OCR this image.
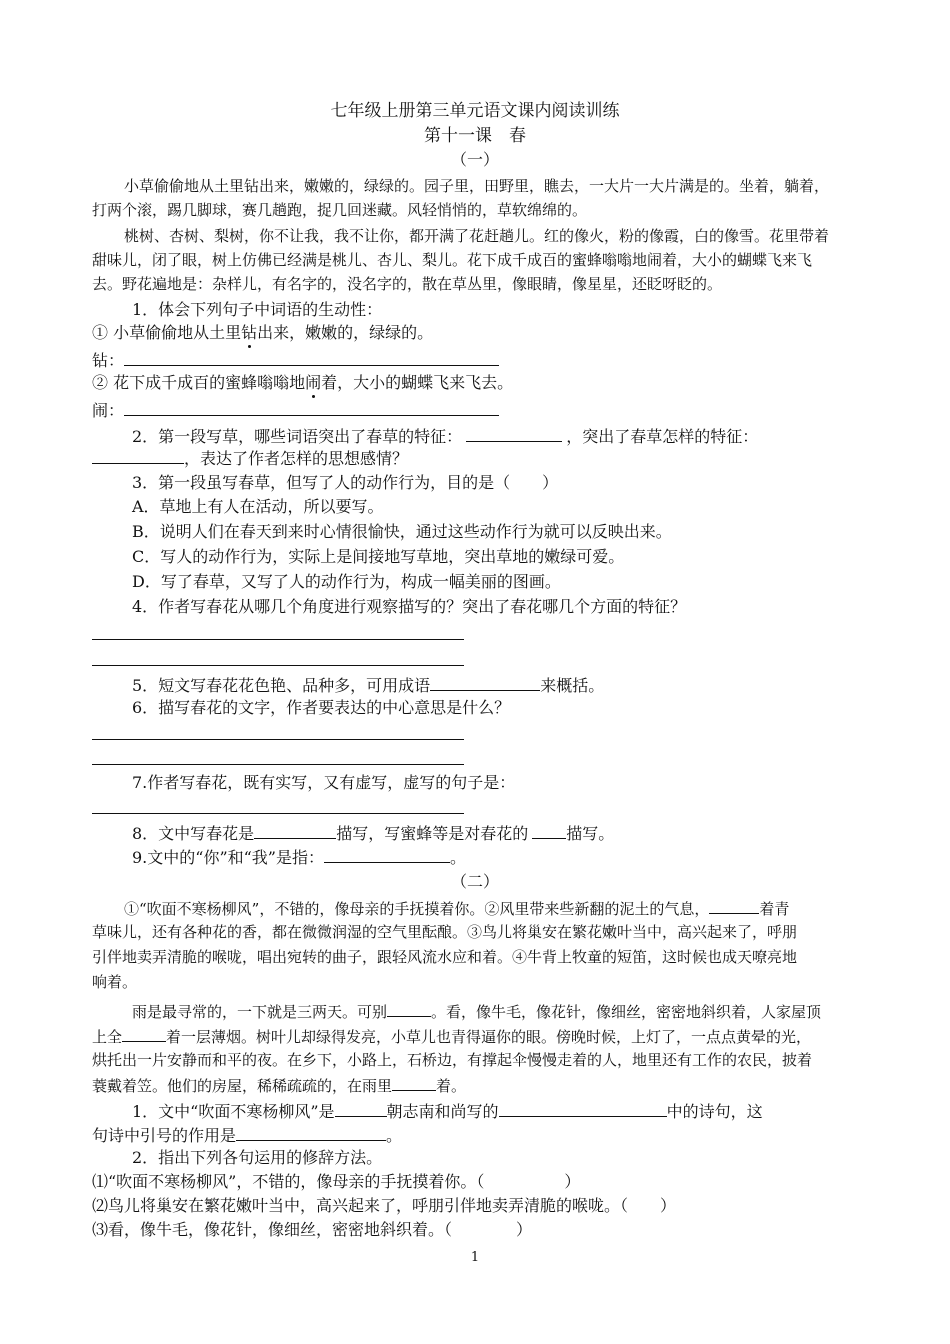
七年级上册第三单元语文课内阅读训练
第十一课　春
（一）
小草偷偷地从土里钻出来，嫩嫩的，绿绿的。园子里，田野里，瞧去，一大片一大片满是的。坐着，躺着，
打两个滚，踢几脚球，赛几趟跑，捉几回迷藏。风轻悄悄的，草软绵绵的。
桃树、杏树、梨树，你不让我，我不让你，都开满了花赶趟儿。红的像火，粉的像霞，白的像雪。花里带着
甜味儿，闭了眼，树上仿佛已经满是桃儿、杏儿、梨儿。花下成千成百的蜜蜂嗡嗡地闹着，大小的蝴蝶飞来飞
去。野花遍地是：杂样儿，有名字的，没名字的，散在草丛里，像眼睛，像星星，还眨呀眨的。
1．体会下列句子中词语的生动性：
① 小草偷偷地从土里钻出来，嫩嫩的，绿绿的。
钻：
② 花下成千成百的蜜蜂嗡嗡地闹着，大小的蝴蝶飞来飞去。
闹：
2．第一段写草，哪些词语突出了春草的特征：	，突出了春草怎样的特征：
，表达了作者怎样的思想感情？
3．第一段虽写春草，但写了人的动作行为，目的是（　　）
A．草地上有人在活动，所以要写。
B．说明人们在春天到来时心情很愉快，通过这些动作行为就可以反映出来。
C．写人的动作行为，实际上是间接地写草地，突出草地的嫩绿可爱。
D．写了春草，又写了人的动作行为，构成一幅美丽的图画。
4．作者写春花从哪几个角度进行观察描写的？突出了春花哪几个方面的特征？
5．短文写春花花色艳、品种多，可用成语	来概括。
6．描写春花的文字，作者要表达的中心意思是什么？
7.作者写春花，既有实写，又有虚写，虚写的句子是：
8．文中写春花是	描写，写蜜蜂等是对春花的 描写。
9.文中的“你”和“我”是指：	。
（二）
①“吹面不寒杨柳风”，不错的，像母亲的手抚摸着你。②风里带来些新翻的泥土的气息，	着青
草味儿，还有各种花的香，都在微微润湿的空气里酝酿。③鸟儿将巢安在繁花嫩叶当中，高兴起来了，呼朋
引伴地卖弄清脆的喉咙，唱出宛转的曲子，跟轻风流水应和着。④牛背上牧童的短笛，这时候也成天嘹亮地
响着。
雨是最寻常的，一下就是三两天。可别	。看，像牛毛，像花针，像细丝，密密地斜织着，人家屋顶
上全	着一层薄烟。树叶儿却绿得发亮，小草儿也青得逼你的眼。傍晚时候，上灯了，一点点黄晕的光，
烘托出一片安静而和平的夜。在乡下，小路上，石桥边，有撑起伞慢慢走着的人，地里还有工作的农民，披着
蓑戴着笠。他们的房屋，稀稀疏疏的，在雨里	着。
1．文中“吹面不寒杨柳风”是	朝志南和尚写的	中的诗句，这
句诗中引号的作用是	。
2．指出下列各句运用的修辞方法。
⑴“吹面不寒杨柳风”，不错的，像母亲的手抚摸着你。（　　　　　）
⑵鸟儿将巢安在繁花嫩叶当中，高兴起来了，呼朋引伴地卖弄清脆的喉咙。（　　）
⑶看，像牛毛，像花针，像细丝，密密地斜织着。（　　　　）
1
